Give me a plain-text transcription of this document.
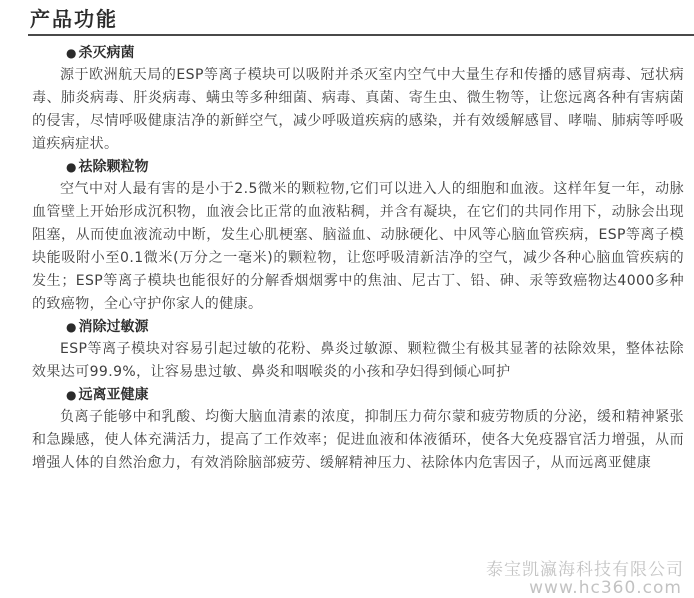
产品功能
● 杀灭病菌
源于欧洲航天局的ESP等离子模块可以吸附并杀灭室内空气中大量生存和传播的感冒病毒、冠状病毒、肺炎病毒、肝炎病毒、螨虫等多种细菌、病毒、真菌、寄生虫、微生物等，让您远离各种有害病菌的侵害，尽情呼吸健康洁净的新鲜空气，减少呼吸道疾病的感染，并有效缓解感冒、哮喘、肺病等呼吸道疾病症状。
● 祛除颗粒物
空气中对人最有害的是小于2.5微米的颗粒物,它们可以进入人的细胞和血液。这样年复一年，动脉血管壁上开始形成沉积物，血液会比正常的血液粘稠，并含有凝块，在它们的共同作用下，动脉会出现阻塞，从而使血液流动中断，发生心肌梗塞、脑溢血、动脉硬化、中风等心脑血管疾病，ESP等离子模块能吸附小至0.1微米(万分之一毫米)的颗粒物，让您呼吸清新洁净的空气，减少各种心脑血管疾病的发生；ESP等离子模块也能很好的分解香烟烟雾中的焦油、尼古丁、铅、砷、汞等致癌物达4000多种的致癌物，全心守护你家人的健康。
● 消除过敏源
ESP等离子模块对容易引起过敏的花粉、鼻炎过敏源、颗粒微尘有极其显著的祛除效果，整体祛除效果达可99.9%，让容易患过敏、鼻炎和咽喉炎的小孩和孕妇得到倾心呵护
● 远离亚健康
负离子能够中和乳酸、均衡大脑血清素的浓度，抑制压力荷尔蒙和疲劳物质的分泌，缓和精神紧张和急躁感，使人体充满活力，提高了工作效率；促进血液和体液循环，使各大免疫器官活力增强，从而增强人体的自然治愈力，有效消除脑部疲劳、缓解精神压力、祛除体内危害因子，从而远离亚健康
泰宝凯瀛海科技有限公司
www.hc360.com
